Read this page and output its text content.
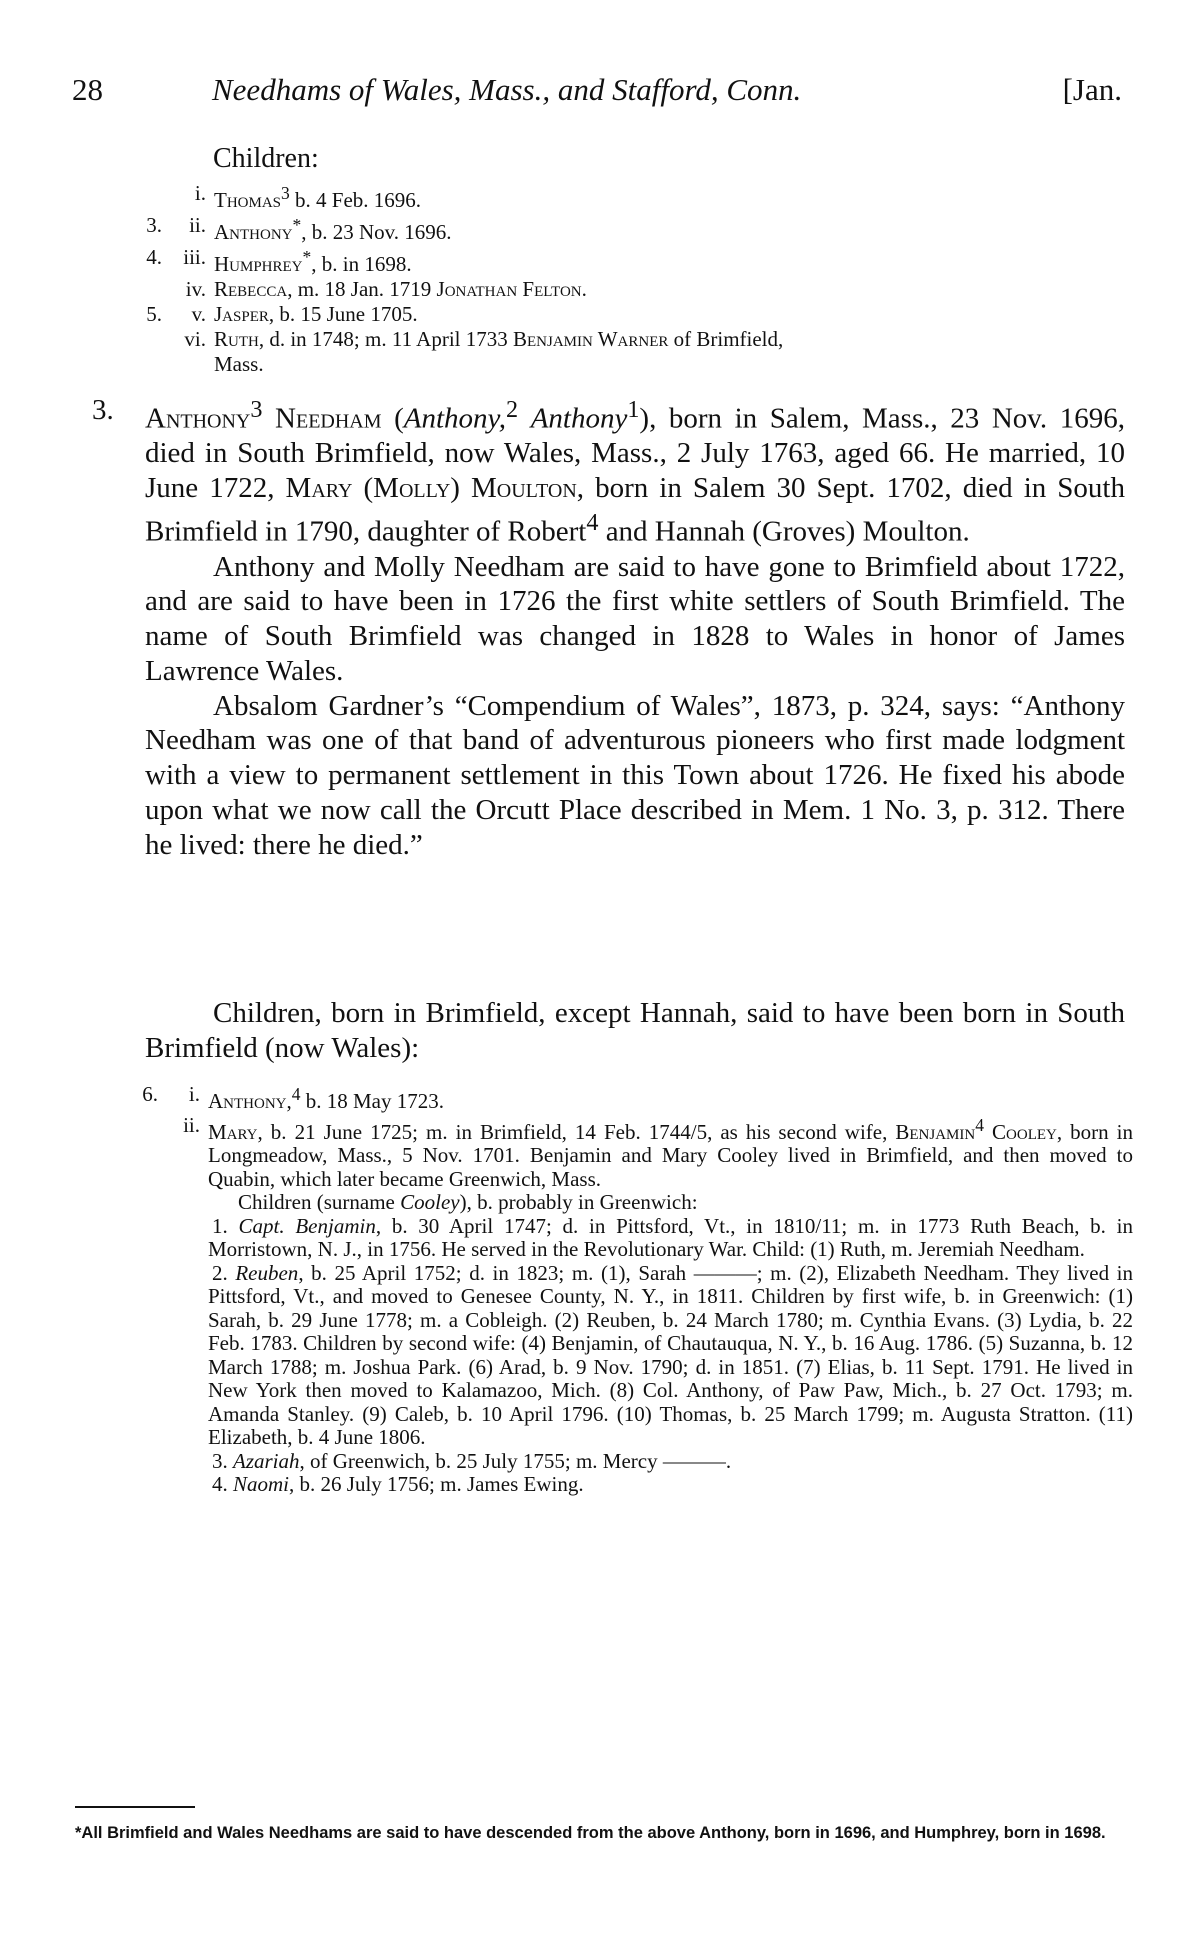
28	Needhams of Wales, Mass., and Stafford, Conn.	[Jan.
Children:
i. Thomas$^3$ b. 4 Feb. 1696.
3.	ii. Anthony*, b. 23 Nov. 1696.
4.	iii. Humphrey*, b. in 1698.
iv. Rebecca, m. 18 Jan. 1719 Jonathan Felton.
5.	v. Jasper, b. 15 June 1705.
vi. Ruth, d. in 1748; m. 11 April 1733 Benjamin Warner of Brimfield,
Mass.
3. Anthony$^3$ Needham (Anthony,$^2$ Anthony$^1$), born in Salem, Mass., 23 Nov. 1696, died in South Brimfield, now Wales, Mass., 2 July 1763, aged 66. He married, 10 June 1722, Mary (Molly) Moulton, born in Salem 30 Sept. 1702, died in South Brimfield in 1790, daughter of Robert$^4$ and Hannah (Groves) Moulton.

Anthony and Molly Needham are said to have gone to Brimfield about 1722, and are said to have been in 1726 the first white settlers of South Brimfield. The name of South Brimfield was changed in 1828 to Wales in honor of James Lawrence Wales.

Absalom Gardner’s “Compendium of Wales”, 1873, p. 324, says: “Anthony Needham was one of that band of adventurous pioneers who first made lodgment with a view to permanent settlement in this Town about 1726. He fixed his abode upon what we now call the Orcutt Place described in Mem. 1 No. 3, p. 312. There he lived: there he died.”

Children, born in Brimfield, except Hannah, said to have been born in South Brimfield (now Wales):

6.	i. Anthony,$^4$ b. 18 May 1723.
ii. Mary, b. 21 June 1725; m. in Brimfield, 14 Feb. 1744/5, as his second wife, Benjamin$^4$ Cooley, born in Longmeadow, Mass., 5 Nov. 1701. Benjamin and Mary Cooley lived in Brimfield, and then moved to Quabin, which later became Greenwich, Mass.
Children (surname Cooley), b. probably in Greenwich:
1. Capt. Benjamin, b. 30 April 1747; d. in Pittsford, Vt., in 1810/11; m. in 1773 Ruth Beach, b. in Morristown, N. J., in 1756. He served in the Revolutionary War. Child: (1) Ruth, m. Jeremiah Needham.
2. Reuben, b. 25 April 1752; d. in 1823; m. (1), Sarah ———; m. (2), Elizabeth Needham. They lived in Pittsford, Vt., and moved to Genesee County, N. Y., in 1811. Children by first wife, b. in Greenwich: (1) Sarah, b. 29 June 1778; m. a Cobleigh. (2) Reuben, b. 24 March 1780; m. Cynthia Evans. (3) Lydia, b. 22 Feb. 1783. Children by second wife: (4) Benjamin, of Chautauqua, N. Y., b. 16 Aug. 1786. (5) Suzanna, b. 12 March 1788; m. Joshua Park. (6) Arad, b. 9 Nov. 1790; d. in 1851. (7) Elias, b. 11 Sept. 1791. He lived in New York then moved to Kalamazoo, Mich. (8) Col. Anthony, of Paw Paw, Mich., b. 27 Oct. 1793; m. Amanda Stanley. (9) Caleb, b. 10 April 1796. (10) Thomas, b. 25 March 1799; m. Augusta Stratton. (11) Elizabeth, b. 4 June 1806.
3. Azariah, of Greenwich, b. 25 July 1755; m. Mercy ———.
4. Naomi, b. 26 July 1756; m. James Ewing.
*All Brimfield and Wales Needhams are said to have descended from the above Anthony, born in 1696, and Humphrey, born in 1698.
